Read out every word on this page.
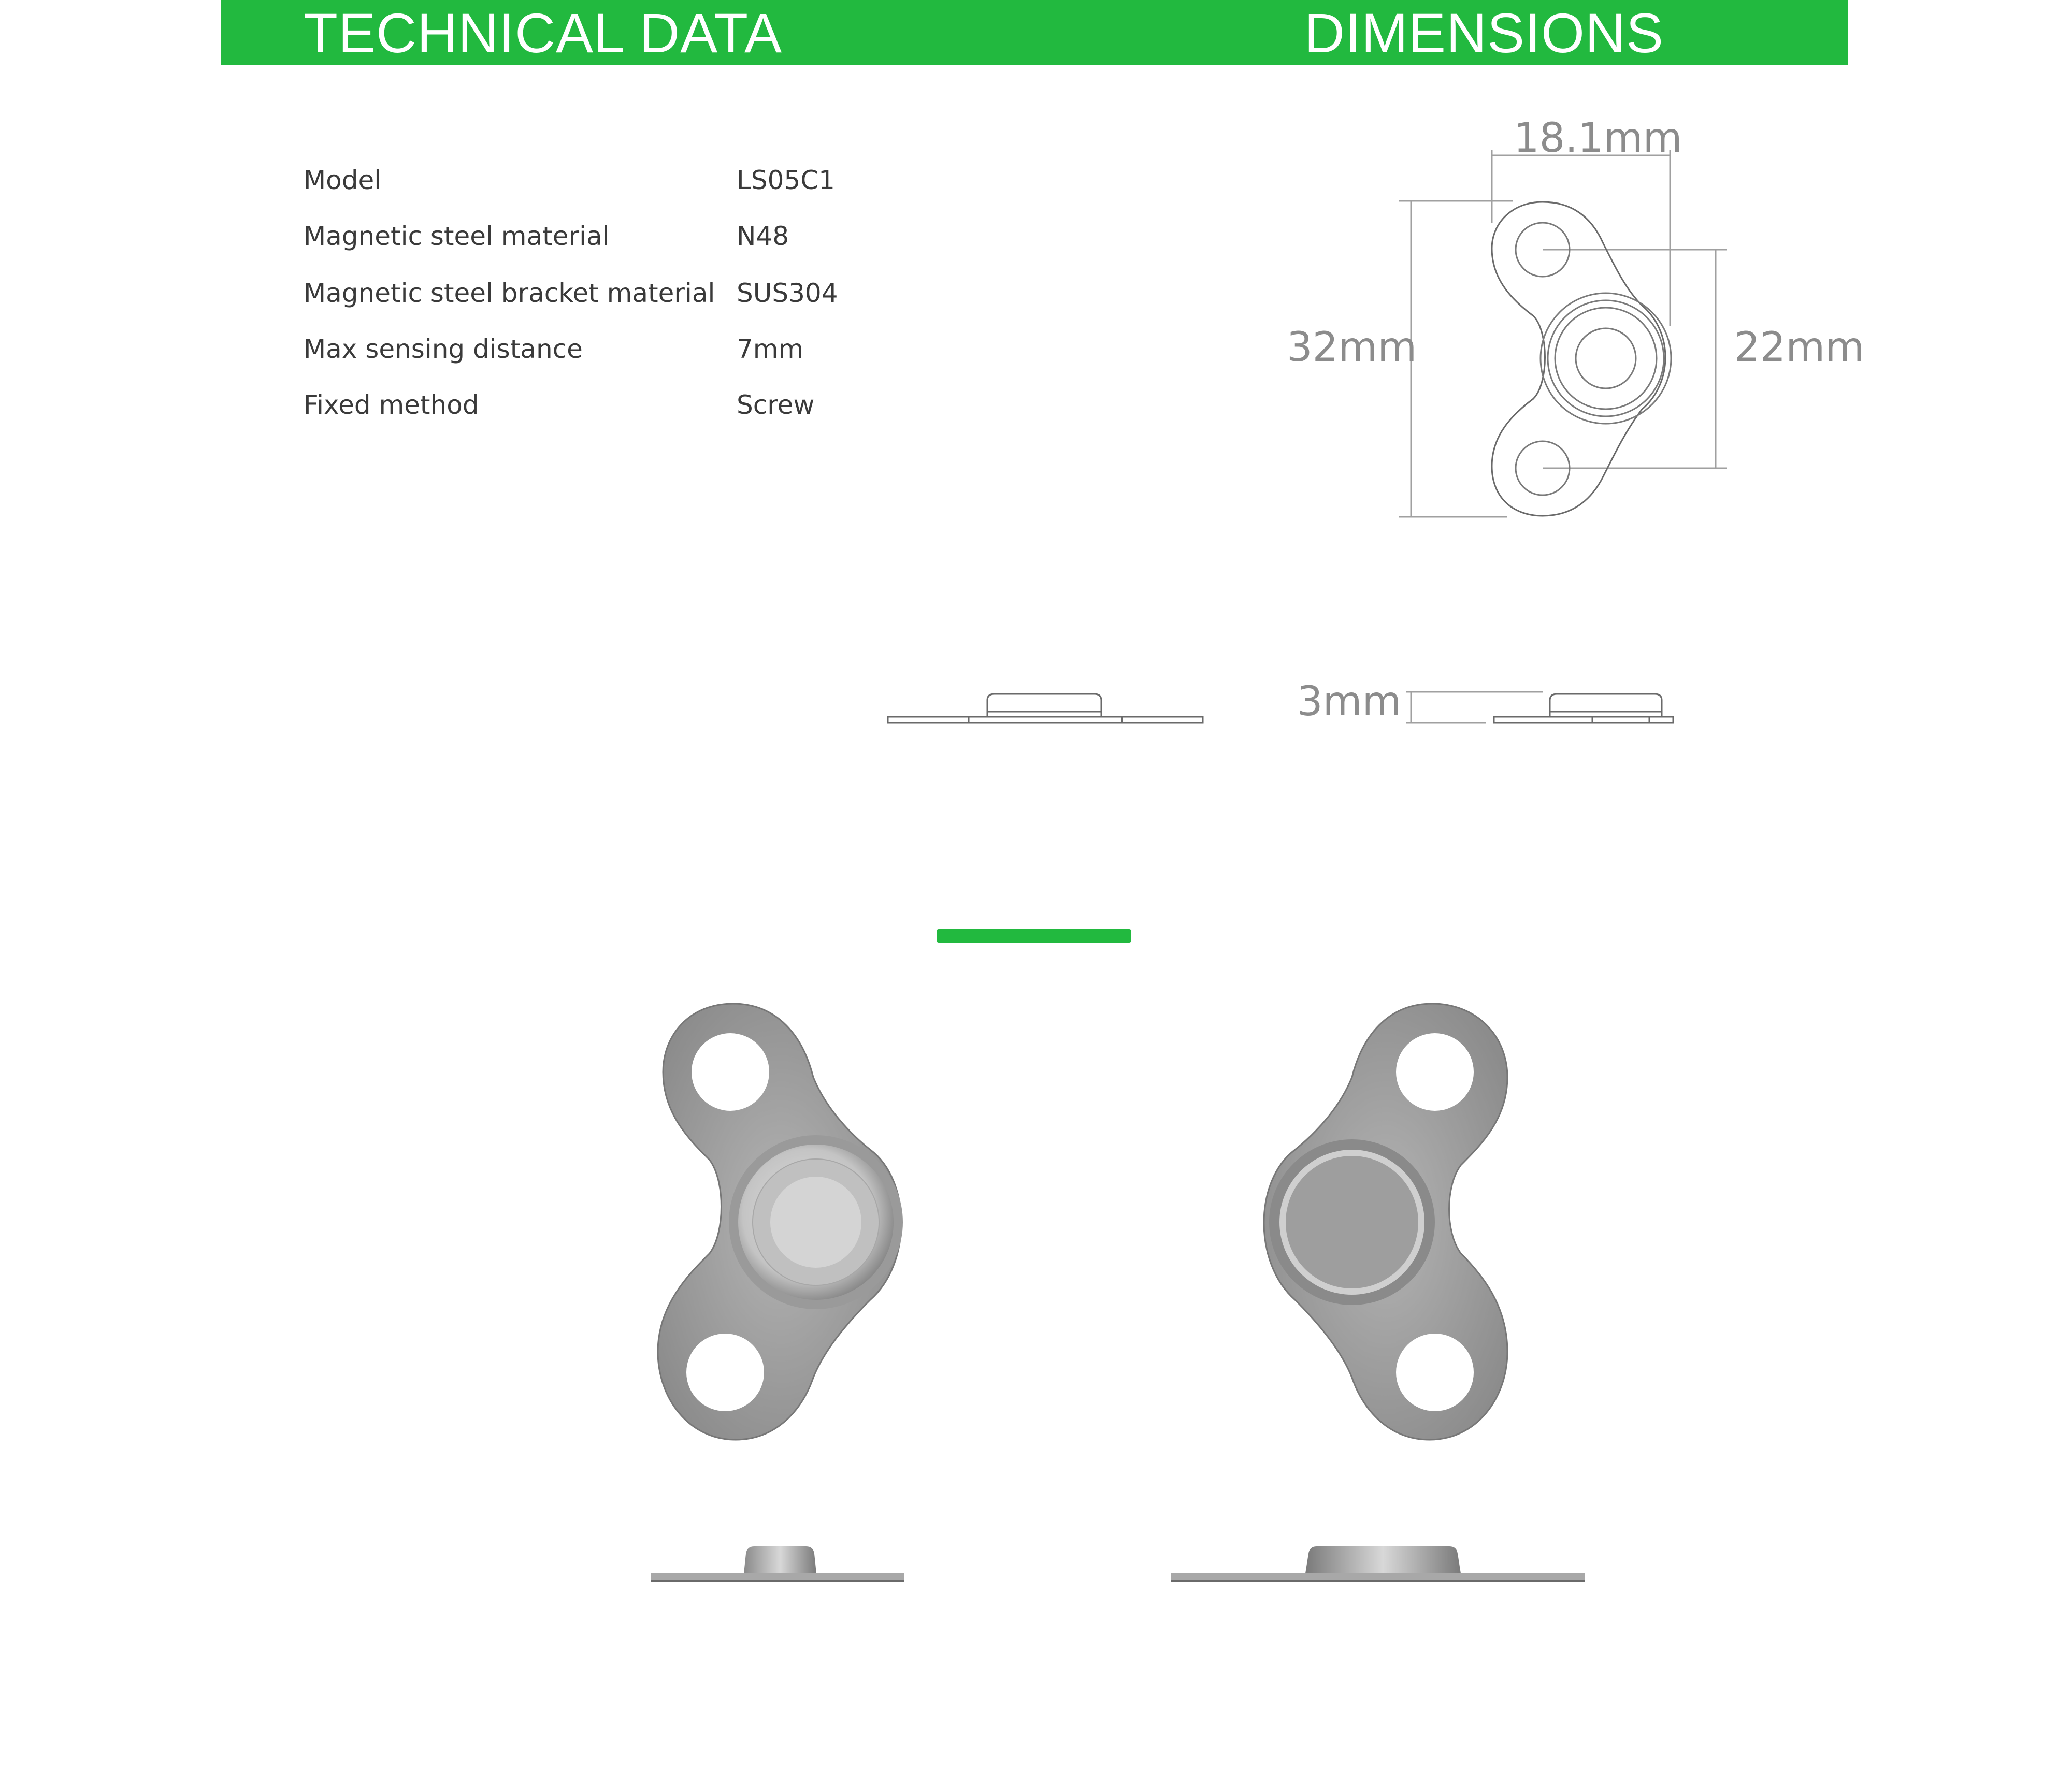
TECHNICAL DATA	DIMENSIONS
Model	LS05C1
Magnetic steel material	N48
Magnetic steel bracket material SUS304
Max sensing distance	7mm
Fixed method	Screw
18.1mm
32mm	22mm
3mm
